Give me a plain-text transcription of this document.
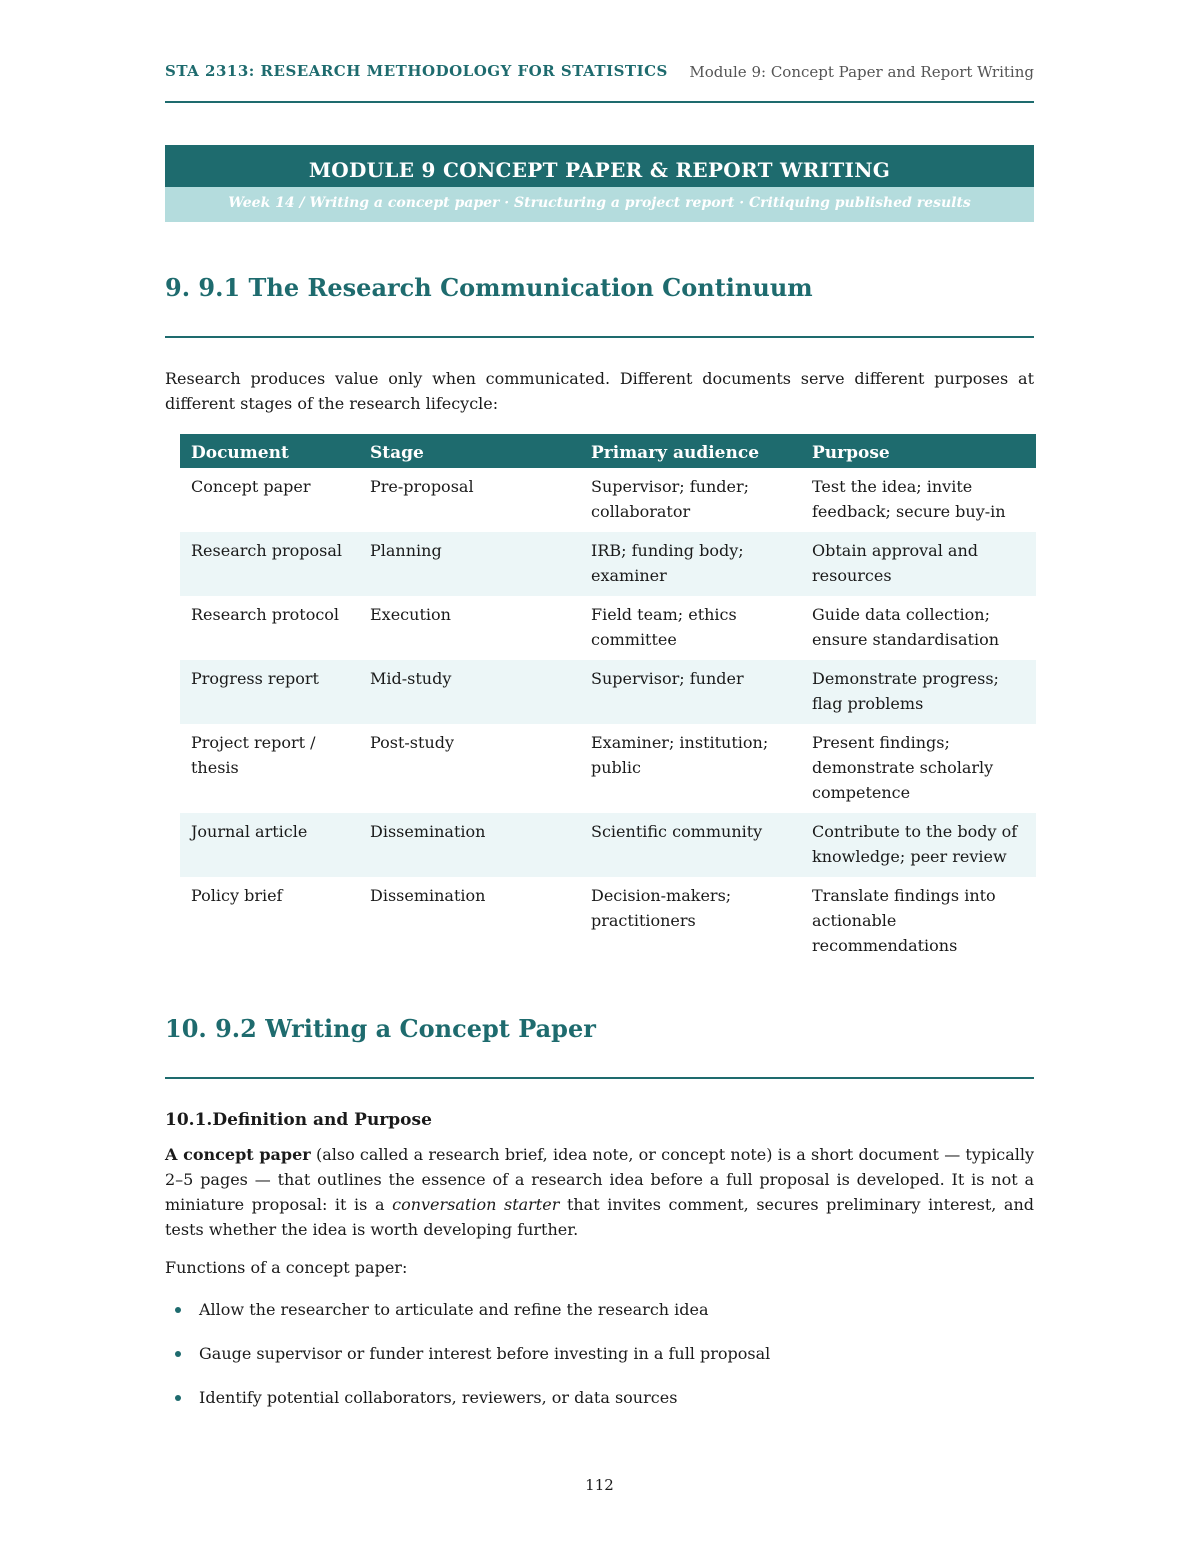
STA 2313: RESEARCH METHODOLOGY FOR STATISTICS Module 9: Concept Paper and Report Writing
MODULE 9 CONCEPT PAPER & REPORT WRITING
Week 14 / Writing a concept paper · Structuring a project report · Critiquing published results
9. 9.1 The Research Communication Continuum

Research produces value only when communicated. Different documents serve different purposes at different stages of the research lifecycle:

Document	Stage	Primary audience	Purpose
Concept paper	Pre-proposal	Supervisor; funder; collaborator	Test the idea; invite feedback; secure buy-in
Research proposal	Planning	IRB; funding body; examiner	Obtain approval and resources
Research protocol	Execution	Field team; ethics committee	Guide data collection; ensure standardisation
Progress report	Mid-study	Supervisor; funder	Demonstrate progress; flag problems
Project report / thesis	Post-study	Examiner; institution; public	Present findings; demonstrate scholarly competence
Journal article	Dissemination	Scientific community	Contribute to the body of knowledge; peer review
Policy brief	Dissemination	Decision-makers; practitioners	Translate findings into actionable recommendations
10. 9.2 Writing a Concept Paper
10.1.Definition and Purpose

A concept paper (also called a research brief, idea note, or concept note) is a short document — typically 2–5 pages — that outlines the essence of a research idea before a full proposal is developed. It is not a miniature proposal: it is a conversation starter that invites comment, secures preliminary interest, and tests whether the idea is worth developing further.

Functions of a concept paper:

Allow the researcher to articulate and refine the research idea
Gauge supervisor or funder interest before investing in a full proposal
Identify potential collaborators, reviewers, or data sources
112
